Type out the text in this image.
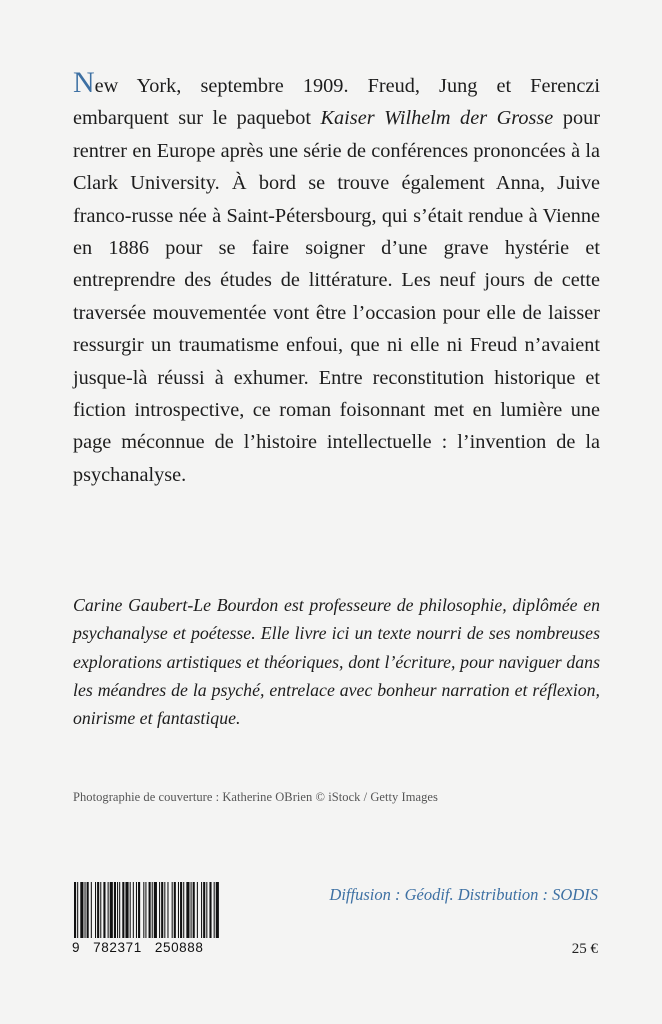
New York, septembre 1909. Freud, Jung et Ferenczi embarquent sur le paquebot Kaiser Wilhelm der Grosse pour rentrer en Europe après une série de conférences prononcées à la Clark University. À bord se trouve également Anna, Juive franco-russe née à Saint-Pétersbourg, qui s’était rendue à Vienne en 1886 pour se faire soigner d’une grave hystérie et entreprendre des études de littérature. Les neuf jours de cette traversée mouvementée vont être l’occasion pour elle de laisser ressurgir un traumatisme enfoui, que ni elle ni Freud n’avaient jusque-là réussi à exhumer. Entre reconstitution historique et fiction introspective, ce roman foisonnant met en lumière une page méconnue de l’histoire intellectuelle : l’invention de la psychanalyse.

Carine Gaubert-Le Bourdon est professeure de philosophie, diplômée en psychanalyse et poétesse. Elle livre ici un texte nourri de ses nombreuses explorations artistiques et théoriques, dont l’écriture, pour naviguer dans les méandres de la psyché, entrelace avec bonheur narration et réflexion, onirisme et fantastique.

Photographie de couverture : Katherine OBrien © iStock / Getty Images
9   782371   250888
Diffusion : Géodif. Distribution : SODIS
25 €
